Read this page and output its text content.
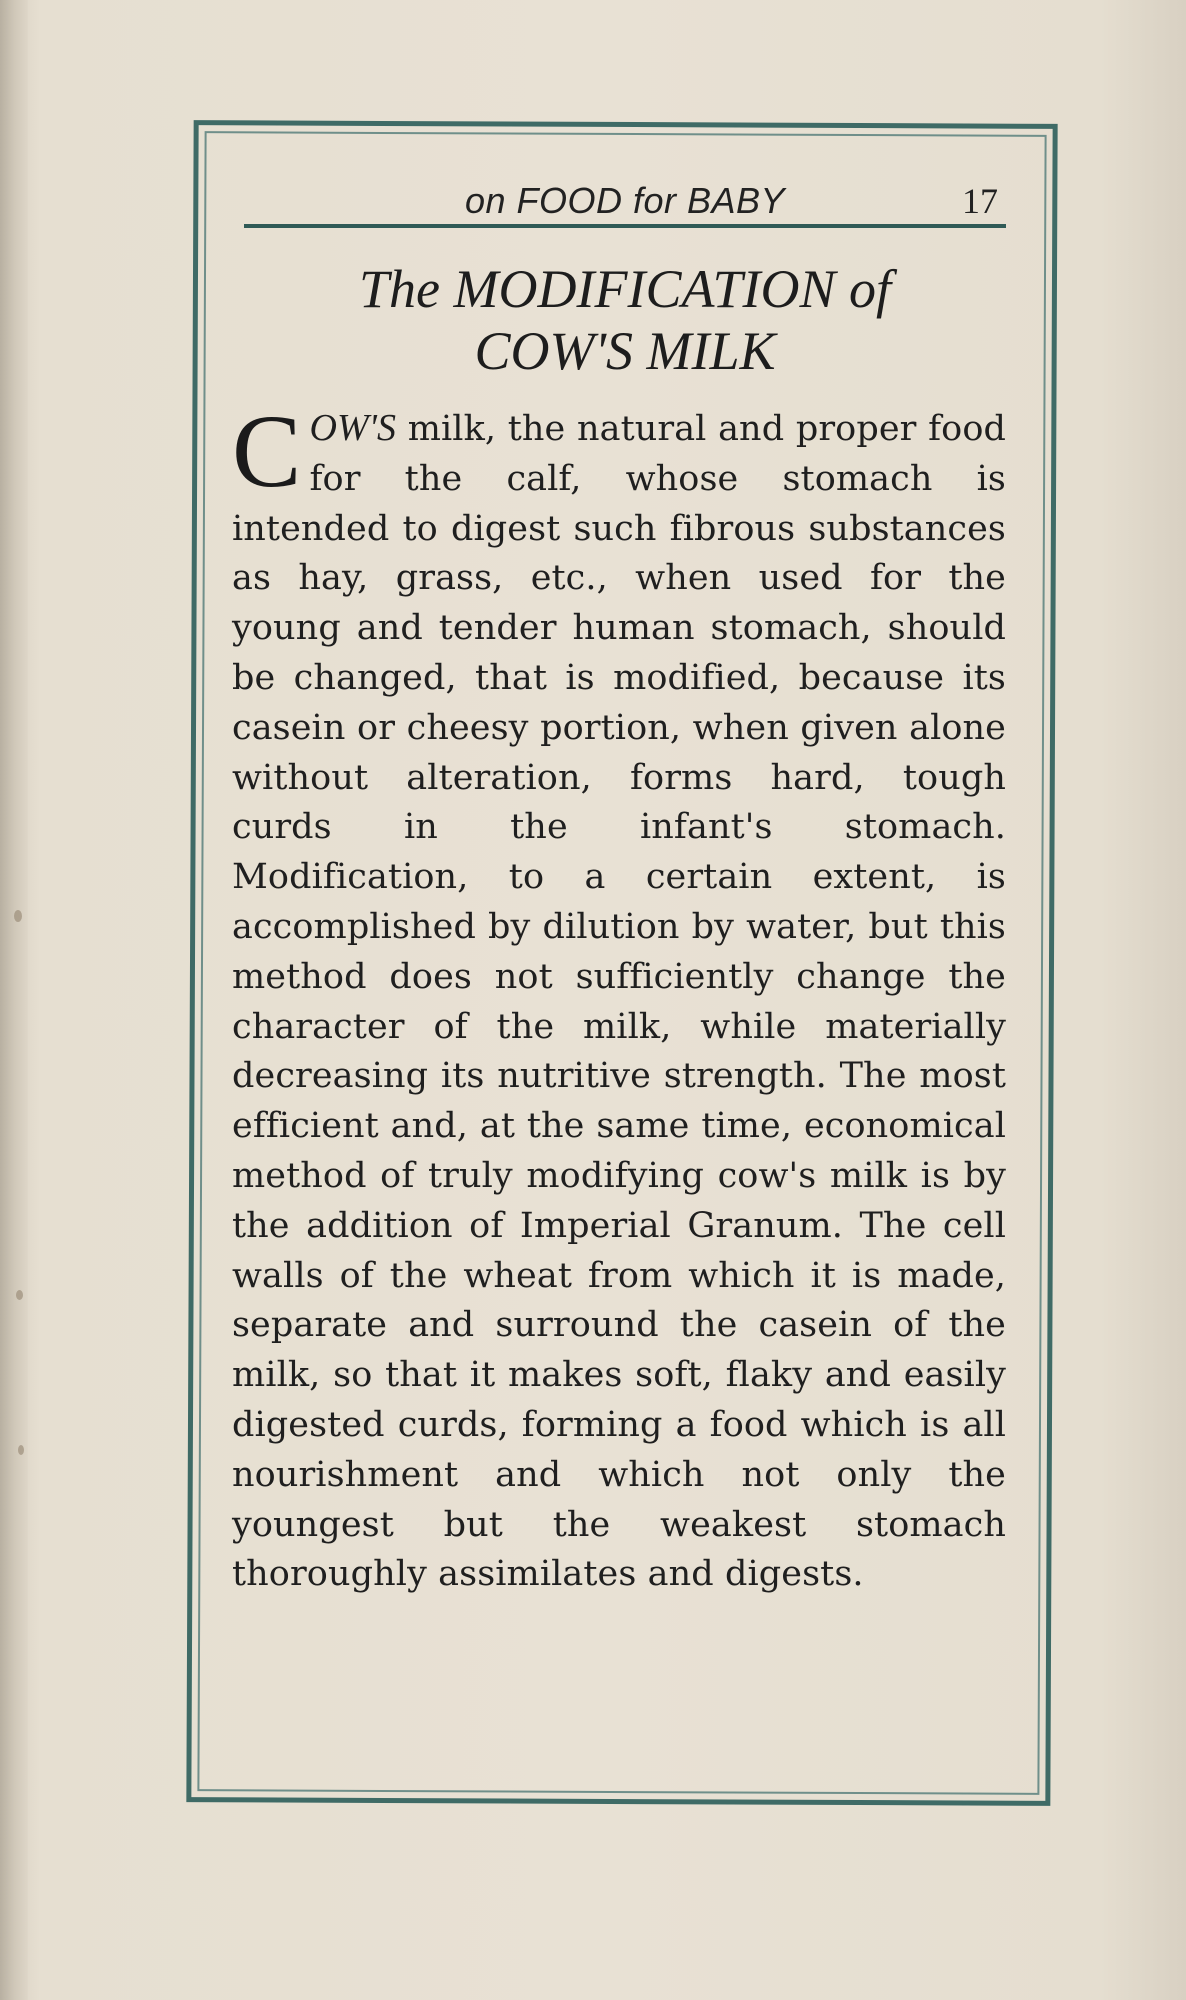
on FOOD for BABY	17
The MODIFICATION of
COW'S MILK
COW'S milk, the natural and proper food for the calf, whose stomach is intended to digest such fibrous substances as hay, grass, etc., when used for the young and tender human stomach, should be changed, that is modified, because its casein or cheesy portion, when given alone without alteration, forms hard, tough curds in the infant's stomach. Modification, to a certain extent, is accomplished by dilution by water, but this method does not sufficiently change the character of the milk, while materially decreasing its nutritive strength. The most efficient and, at the same time, economical method of truly modifying cow's milk is by the addition of Imperial Granum. The cell walls of the wheat from which it is made, separate and surround the casein of the milk, so that it makes soft, flaky and easily digested curds, forming a food which is all nourishment and which not only the youngest but the weakest stomach thoroughly assimilates and digests.
